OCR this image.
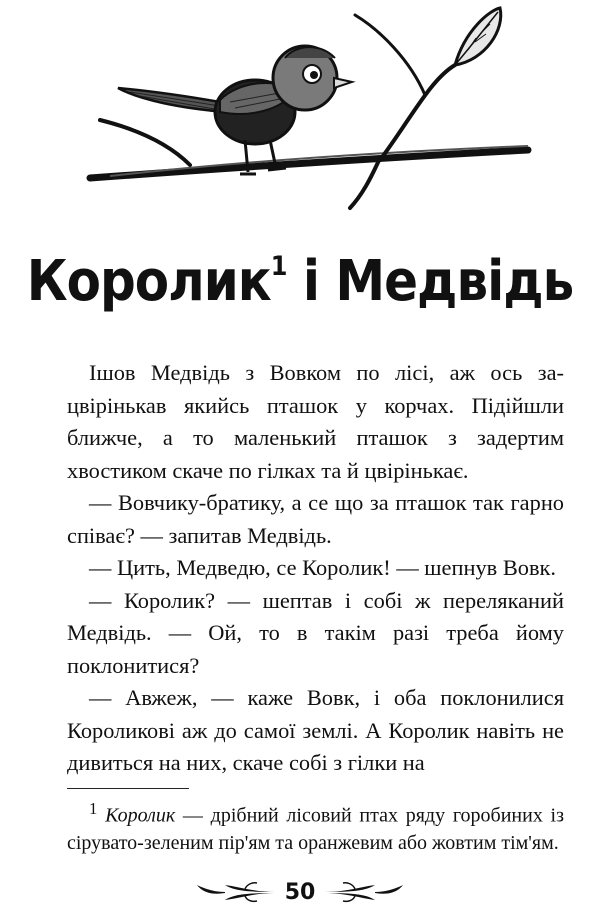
Королик$^1$ і Медвідь

Ішов Медвідь з Вовком по лісі, аж ось зацвірінькав якийсь пташок у корчах. Підійшли ближче, а то маленький пташок з задертим хвостиком скаче по гілках та й цвірінькає.

— Вовчику-братику, а се що за пташок так гарно співає? — запитав Медвідь.

— Цить, Медведю, се Королик! — шепнув Вовк.

— Королик? — шептав і собі ж переляканий Медвідь. — Ой, то в такім разі треба йому поклонитися?

— Авжеж, — каже Вовк, і оба поклонилися Короликові аж до самої землі. А Королик навіть не дивиться на них, скаче собі з гілки на

$^1$ Королик — дрібний лісовий птах ряду горобиних із сірувато-зеленим пір'ям та оранжевим або жовтим тім'ям.

50
